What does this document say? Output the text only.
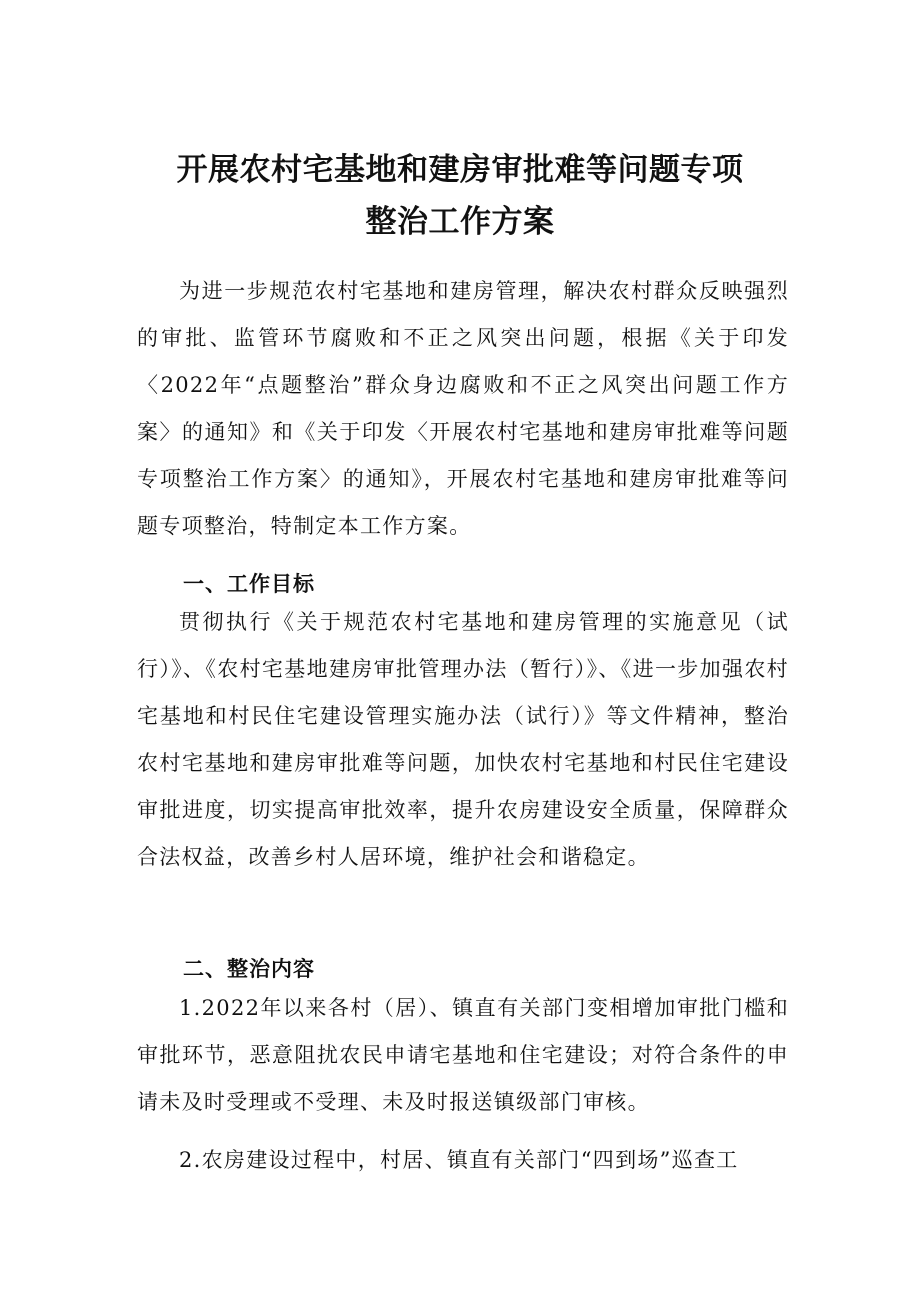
开展农村宅基地和建房审批难等问题专项
整治工作方案

为进一步规范农村宅基地和建房管理，解决农村群众反映强烈的审批、监管环节腐败和不正之风突出问题，根据《关于印发〈2022年“点题整治”群众身边腐败和不正之风突出问题工作方案〉的通知》和《关于印发〈开展农村宅基地和建房审批难等问题专项整治工作方案〉的通知》，开展农村宅基地和建房审批难等问题专项整治，特制定本工作方案。

一、工作目标

贯彻执行《关于规范农村宅基地和建房管理的实施意见（试行）》、《农村宅基地建房审批管理办法（暂行）》、《进一步加强农村宅基地和村民住宅建设管理实施办法（试行）》等文件精神，整治农村宅基地和建房审批难等问题，加快农村宅基地和村民住宅建设审批进度，切实提高审批效率，提升农房建设安全质量，保障群众合法权益，改善乡村人居环境，维护社会和谐稳定。

二、整治内容

1.2022年以来各村（居）、镇直有关部门变相增加审批门槛和审批环节，恶意阻扰农民申请宅基地和住宅建设；对符合条件的申请未及时受理或不受理、未及时报送镇级部门审核。

2.农房建设过程中，村居、镇直有关部门“四到场”巡查工
